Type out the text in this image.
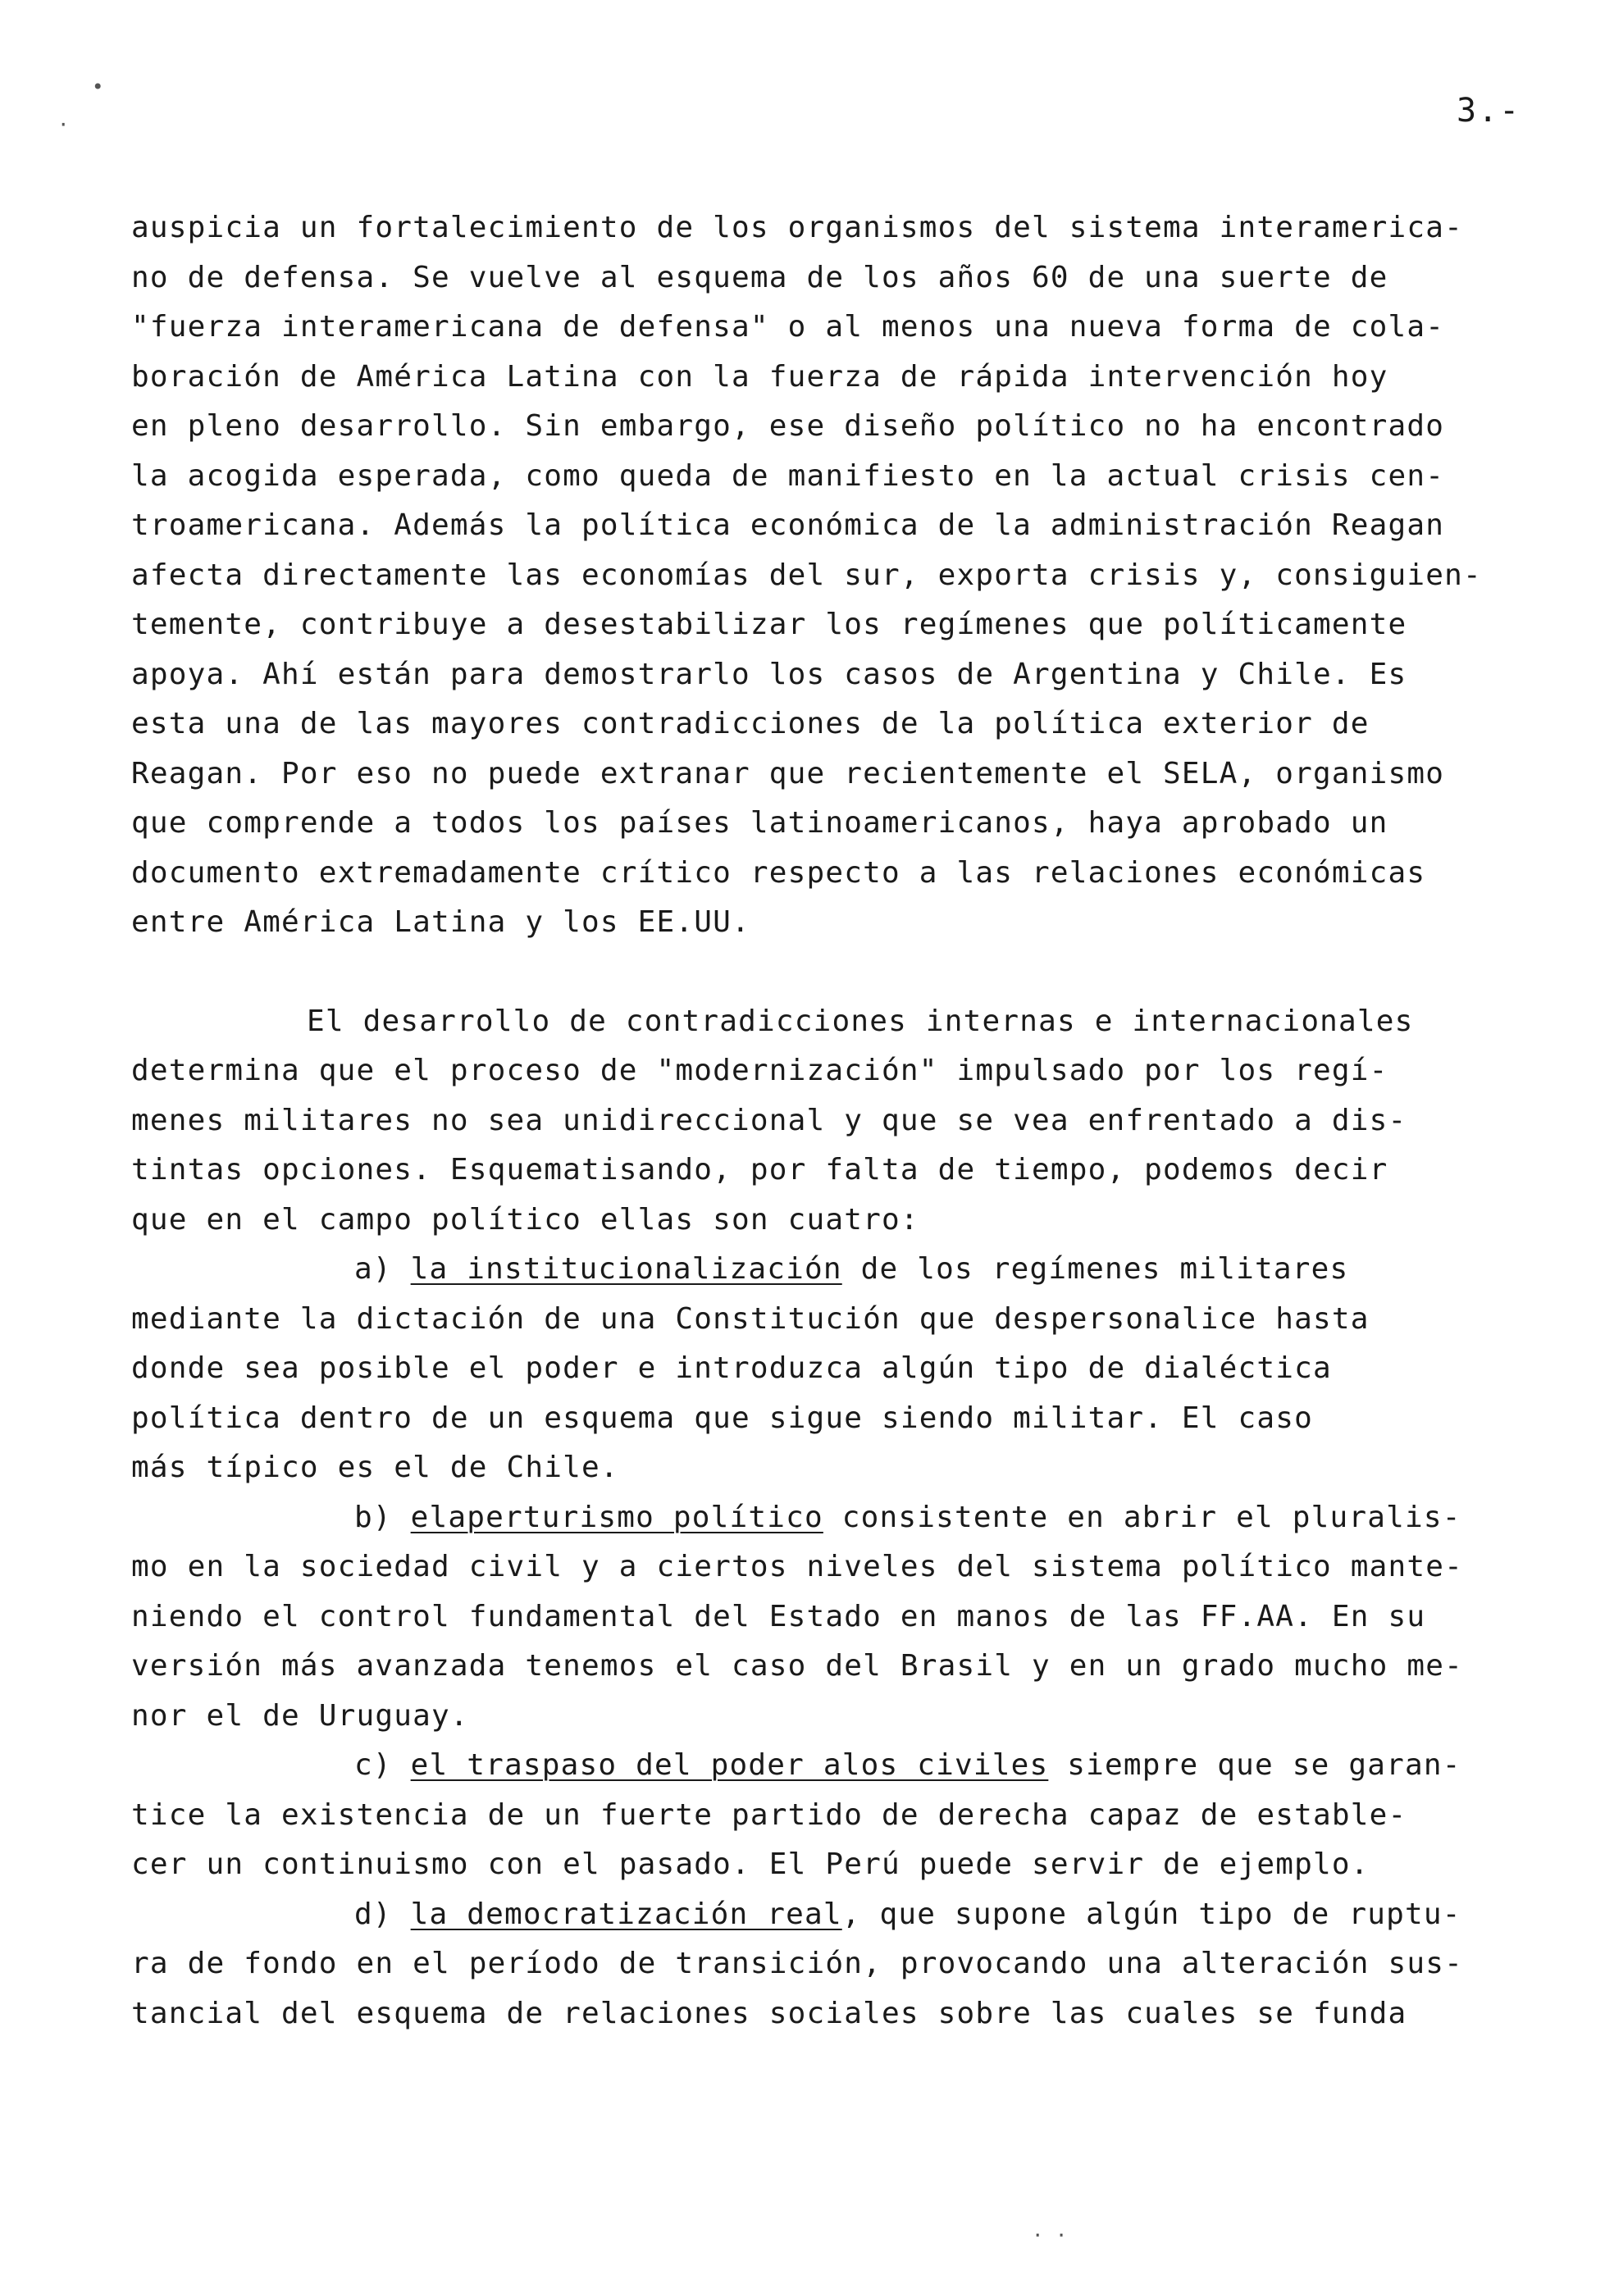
•
·	3.-
auspicia un fortalecimiento de los organismos del sistema interamerica-
no de defensa. Se vuelve al esquema de los años 60 de una suerte de
"fuerza interamericana de defensa" o al menos una nueva forma de cola-
boración de América Latina con la fuerza de rápida intervención hoy
en pleno desarrollo. Sin embargo, ese diseño político no ha encontrado
la acogida esperada, como queda de manifiesto en la actual crisis cen-
troamericana. Además la política económica de la administración Reagan
afecta directamente las economías del sur, exporta crisis y, consiguien-
temente, contribuye a desestabilizar los regímenes que políticamente
apoya. Ahí están para demostrarlo los casos de Argentina y Chile. Es
esta una de las mayores contradicciones de la política exterior de
Reagan. Por eso no puede extranar que recientemente el SELA, organismo
que comprende a todos los países latinoamericanos, haya aprobado un
documento extremadamente crítico respecto a las relaciones económicas
entre América Latina y los EE.UU.
El desarrollo de contradicciones internas e internacionales
determina que el proceso de "modernización" impulsado por los regí-
menes militares no sea unidireccional y que se vea enfrentado a dis-
tintas opciones. Esquematisando, por falta de tiempo, podemos decir
que en el campo político ellas son cuatro:
a) la institucionalización de los regímenes militares
mediante la dictación de una Constitución que despersonalice hasta
donde sea posible el poder e introduzca algún tipo de dialéctica
política dentro de un esquema que sigue siendo militar. El caso
más típico es el de Chile.
b) elaperturismo político consistente en abrir el pluralis-
mo en la sociedad civil y a ciertos niveles del sistema político mante-
niendo el control fundamental del Estado en manos de las FF.AA. En su
versión más avanzada tenemos el caso del Brasil y en un grado mucho me-
nor el de Uruguay.
c) el traspaso del poder alos civiles siempre que se garan-
tice la existencia de un fuerte partido de derecha capaz de estable-
cer un continuismo con el pasado. El Perú puede servir de ejemplo.
d) la democratización real, que supone algún tipo de ruptu-
ra de fondo en el período de transición, provocando una alteración sus-
tancial del esquema de relaciones sociales sobre las cuales se funda
· ·
